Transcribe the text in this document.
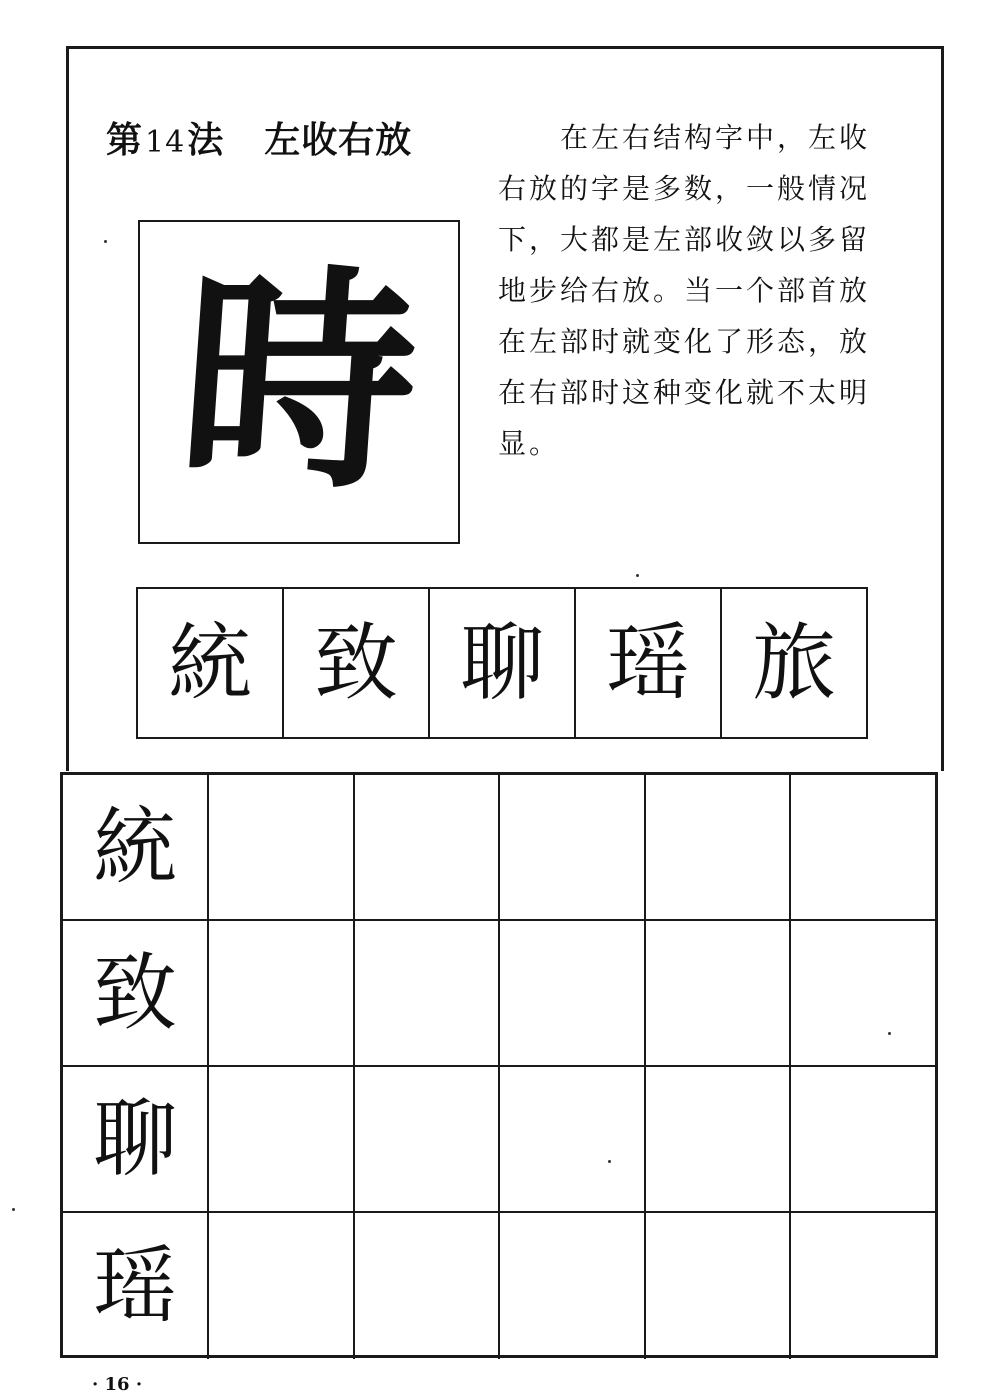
第14法 左收右放	在左右结构字中，左收右放的字是多数，一般情况下，大都是左部收敛以多留地步给右放。当一个部首放在左部时就变化了形态，放在右部时这种变化就不太明显。

時
統 致 聊 瑶 旅
統
致
聊
瑶
· 16 ·
